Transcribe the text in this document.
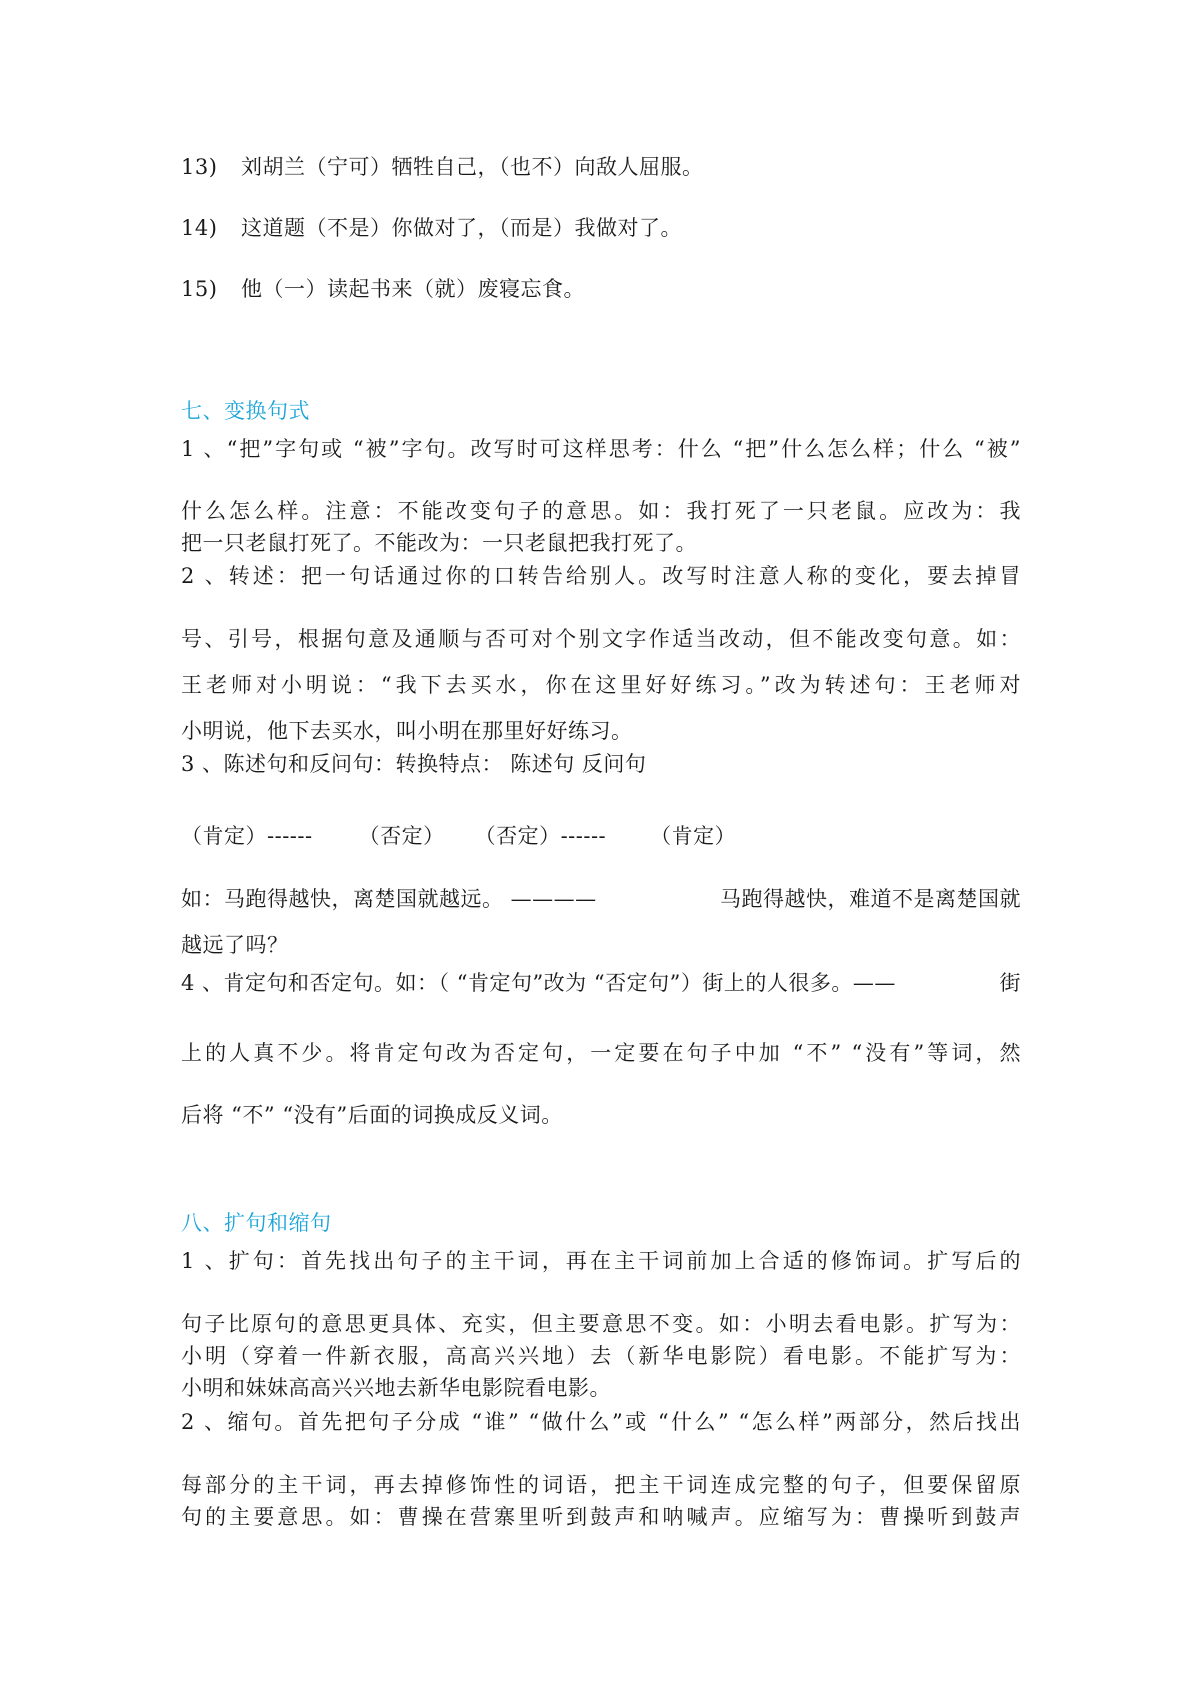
13) 刘胡兰（宁可）牺牲自己，（也不）向敌人屈服。
14) 这道题（不是）你做对了，（而是）我做对了。
15) 他（一）读起书来（就）废寝忘食。
七、变换句式
1 、“把”字句或 “被”字句。改写时可这样思考：什么 “把”什么怎么样；什么 “被”
什么怎么样。注意：不能改变句子的意思。如：我打死了一只老鼠。应改为：我
把一只老鼠打死了。不能改为：一只老鼠把我打死了。
2 、转述：把一句话通过你的口转告给别人。改写时注意人称的变化，要去掉冒
号、引号，根据句意及通顺与否可对个别文字作适当改动，但不能改变句意。如：
王老师对小明说：“我下去买水，你在这里好好练习。”改为转述句：王老师对
小明说，他下去买水，叫小明在那里好好练习。
3 、陈述句和反问句：转换特点： 陈述句 反问句
（肯定）------ （否定） （否定）------ （肯定）
如：马跑得越快，离楚国就越远。 ————	马跑得越快，难道不是离楚国就
越远了吗？
4 、肯定句和否定句。如：（ “肯定句”改为 “否定句”）街上的人很多。——	街
上的人真不少。将肯定句改为否定句，一定要在句子中加 “不” “没有”等词，然
后将 “不” “没有”后面的词换成反义词。
八、扩句和缩句
1 、扩句：首先找出句子的主干词，再在主干词前加上合适的修饰词。扩写后的
句子比原句的意思更具体、充实，但主要意思不变。如：小明去看电影。扩写为：
小明（穿着一件新衣服，高高兴兴地）去（新华电影院）看电影。不能扩写为：
小明和妹妹高高兴兴地去新华电影院看电影。
2 、缩句。首先把句子分成 “谁” “做什么”或 “什么” “怎么样”两部分，然后找出
每部分的主干词，再去掉修饰性的词语，把主干词连成完整的句子，但要保留原
句的主要意思。如：曹操在营寨里听到鼓声和呐喊声。应缩写为：曹操听到鼓声
